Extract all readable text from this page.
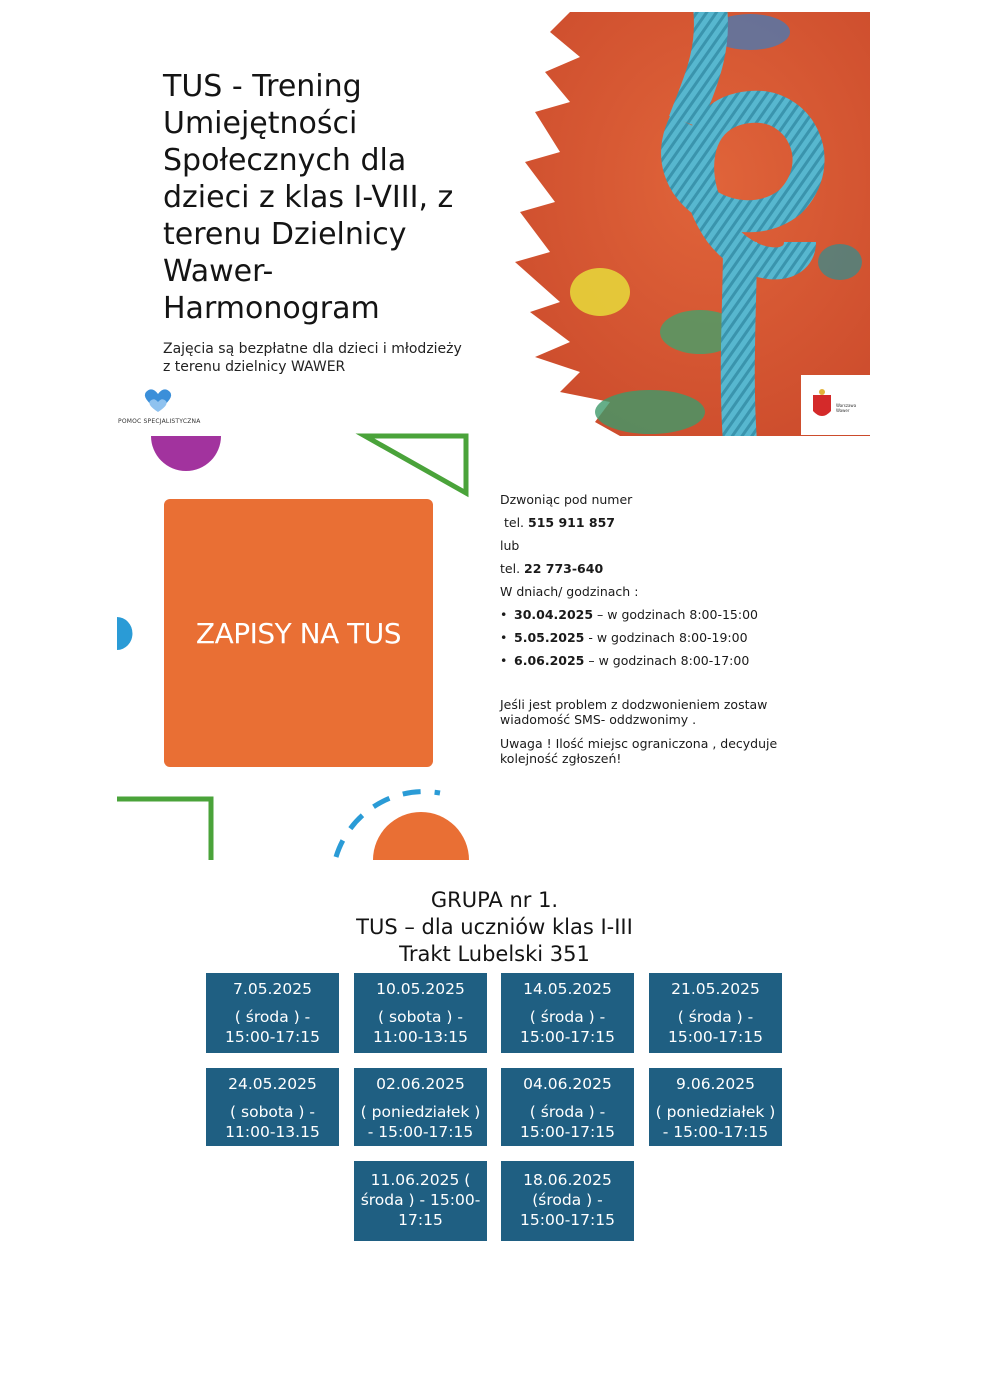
TUS - Trening Umiejętności Społecznych dla dzieci z klas I-VIII, z terenu Dzielnicy Wawer- Harmonogram
Zajęcia są bezpłatne dla dzieci i młodzieży z terenu dzielnicy WAWER
POMOC SPECJALISTYCZNA
Warszawa Wawer
ZAPISY NA TUS

Dzwoniąc pod numer

tel. 515 911 857

lub

tel. 22 773-640

W dniach/ godzinach :

• 30.04.2025 – w godzinach 8:00-15:00
• 5.05.2025 - w godzinach 8:00-19:00
• 6.06.2025 – w godzinach 8:00-17:00

Jeśli jest problem z dodzwonieniem zostaw wiadomość SMS- oddzwonimy .

Uwaga ! Ilość miejsc ograniczona , decyduje kolejność zgłoszeń!

GRUPA nr 1.
TUS – dla uczniów klas I-III
Trakt Lubelski 351
7.05.2025
( środa ) - 15:00-17:15
10.05.2025
( sobota ) - 11:00-13:15
14.05.2025
( środa ) - 15:00-17:15
21.05.2025
( środa ) - 15:00-17:15
24.05.2025
( sobota ) - 11:00-13.15
02.06.2025
( poniedziałek ) - 15:00-17:15
04.06.2025
( środa ) - 15:00-17:15
9.06.2025
( poniedziałek ) - 15:00-17:15
11.06.2025 (
środa ) - 15:00-17:15
18.06.2025
(środa ) - 15:00-17:15
